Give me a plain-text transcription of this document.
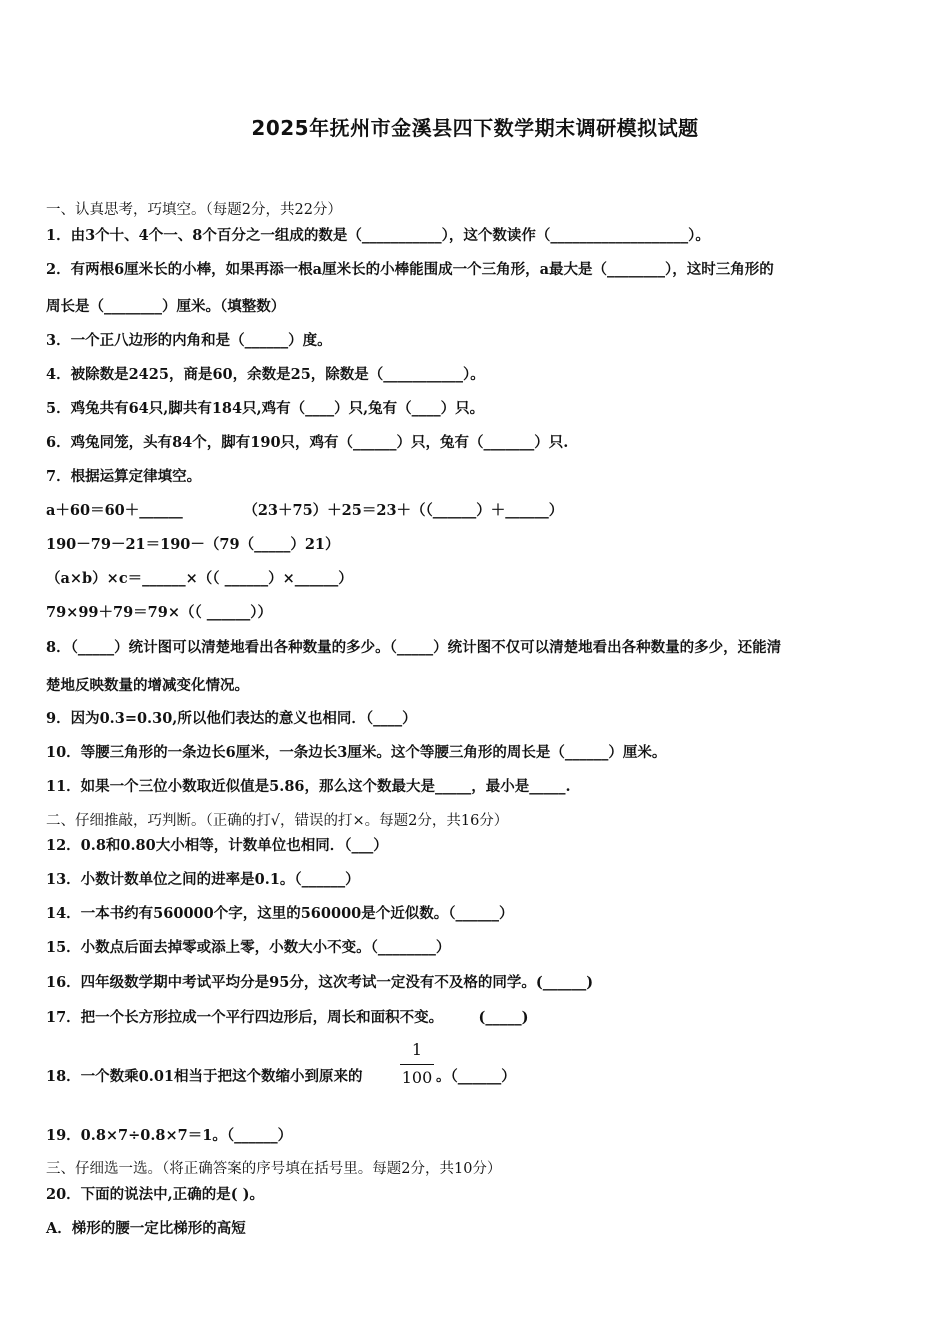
2025年抚州市金溪县四下数学期末调研模拟试题
一、认真思考，巧填空。（每题2分，共22分）
1．由3个十、4个一、8个百分之一组成的数是（___________），这个数读作（___________________）。
2．有两根6厘米长的小棒，如果再添一根a厘米长的小棒能围成一个三角形，a最大是（________），这时三角形的
周长是（________）厘米。（填整数）
3．一个正八边形的内角和是（______）度。
4．被除数是2425，商是60，余数是25，除数是（___________）。
5．鸡兔共有64只,脚共有184只,鸡有（____）只,兔有（____）只。
6．鸡兔同笼，头有84个，脚有190只，鸡有（______）只，兔有（_______）只.
7．根据运算定律填空。
a＋60＝60＋______            （23＋75）＋25＝23＋（（______）＋______）
190－79－21＝190－（79（_____）21）
（a×b）×c＝______×（（ ______）×______）
79×99＋79＝79×（（ ______））
8．（_____）统计图可以清楚地看出各种数量的多少。（_____）统计图不仅可以清楚地看出各种数量的多少，还能清
楚地反映数量的增减变化情况。
9．因为0.3=0.30,所以他们表达的意义也相同．（____）
10．等腰三角形的一条边长6厘米，一条边长3厘米。这个等腰三角形的周长是（______）厘米。
11．如果一个三位小数取近似值是5.86，那么这个数最大是_____，最小是_____.
二、仔细推敲，巧判断。（正确的打√，错误的打×。每题2分，共16分）
12．0.8和0.80大小相等，计数单位也相同．（___）
13．小数计数单位之间的进率是0.1。（______）
14．一本书约有560000个字，这里的560000是个近似数。（______）
15．小数点后面去掉零或添上零，小数大小不变。（________）
16．四年级数学期中考试平均分是95分，这次考试一定没有不及格的同学。(______)
17．把一个长方形拉成一个平行四边形后，周长和面积不变。       (_____)
18．一个数乘0.01相当于把这个数缩小到原来的
1
100 。（______）
19．0.8×7÷0.8×7＝1。（______）
三、仔细选一选。（将正确答案的序号填在括号里。每题2分，共10分）
20．下面的说法中,正确的是( )。
A．梯形的腰一定比梯形的高短
